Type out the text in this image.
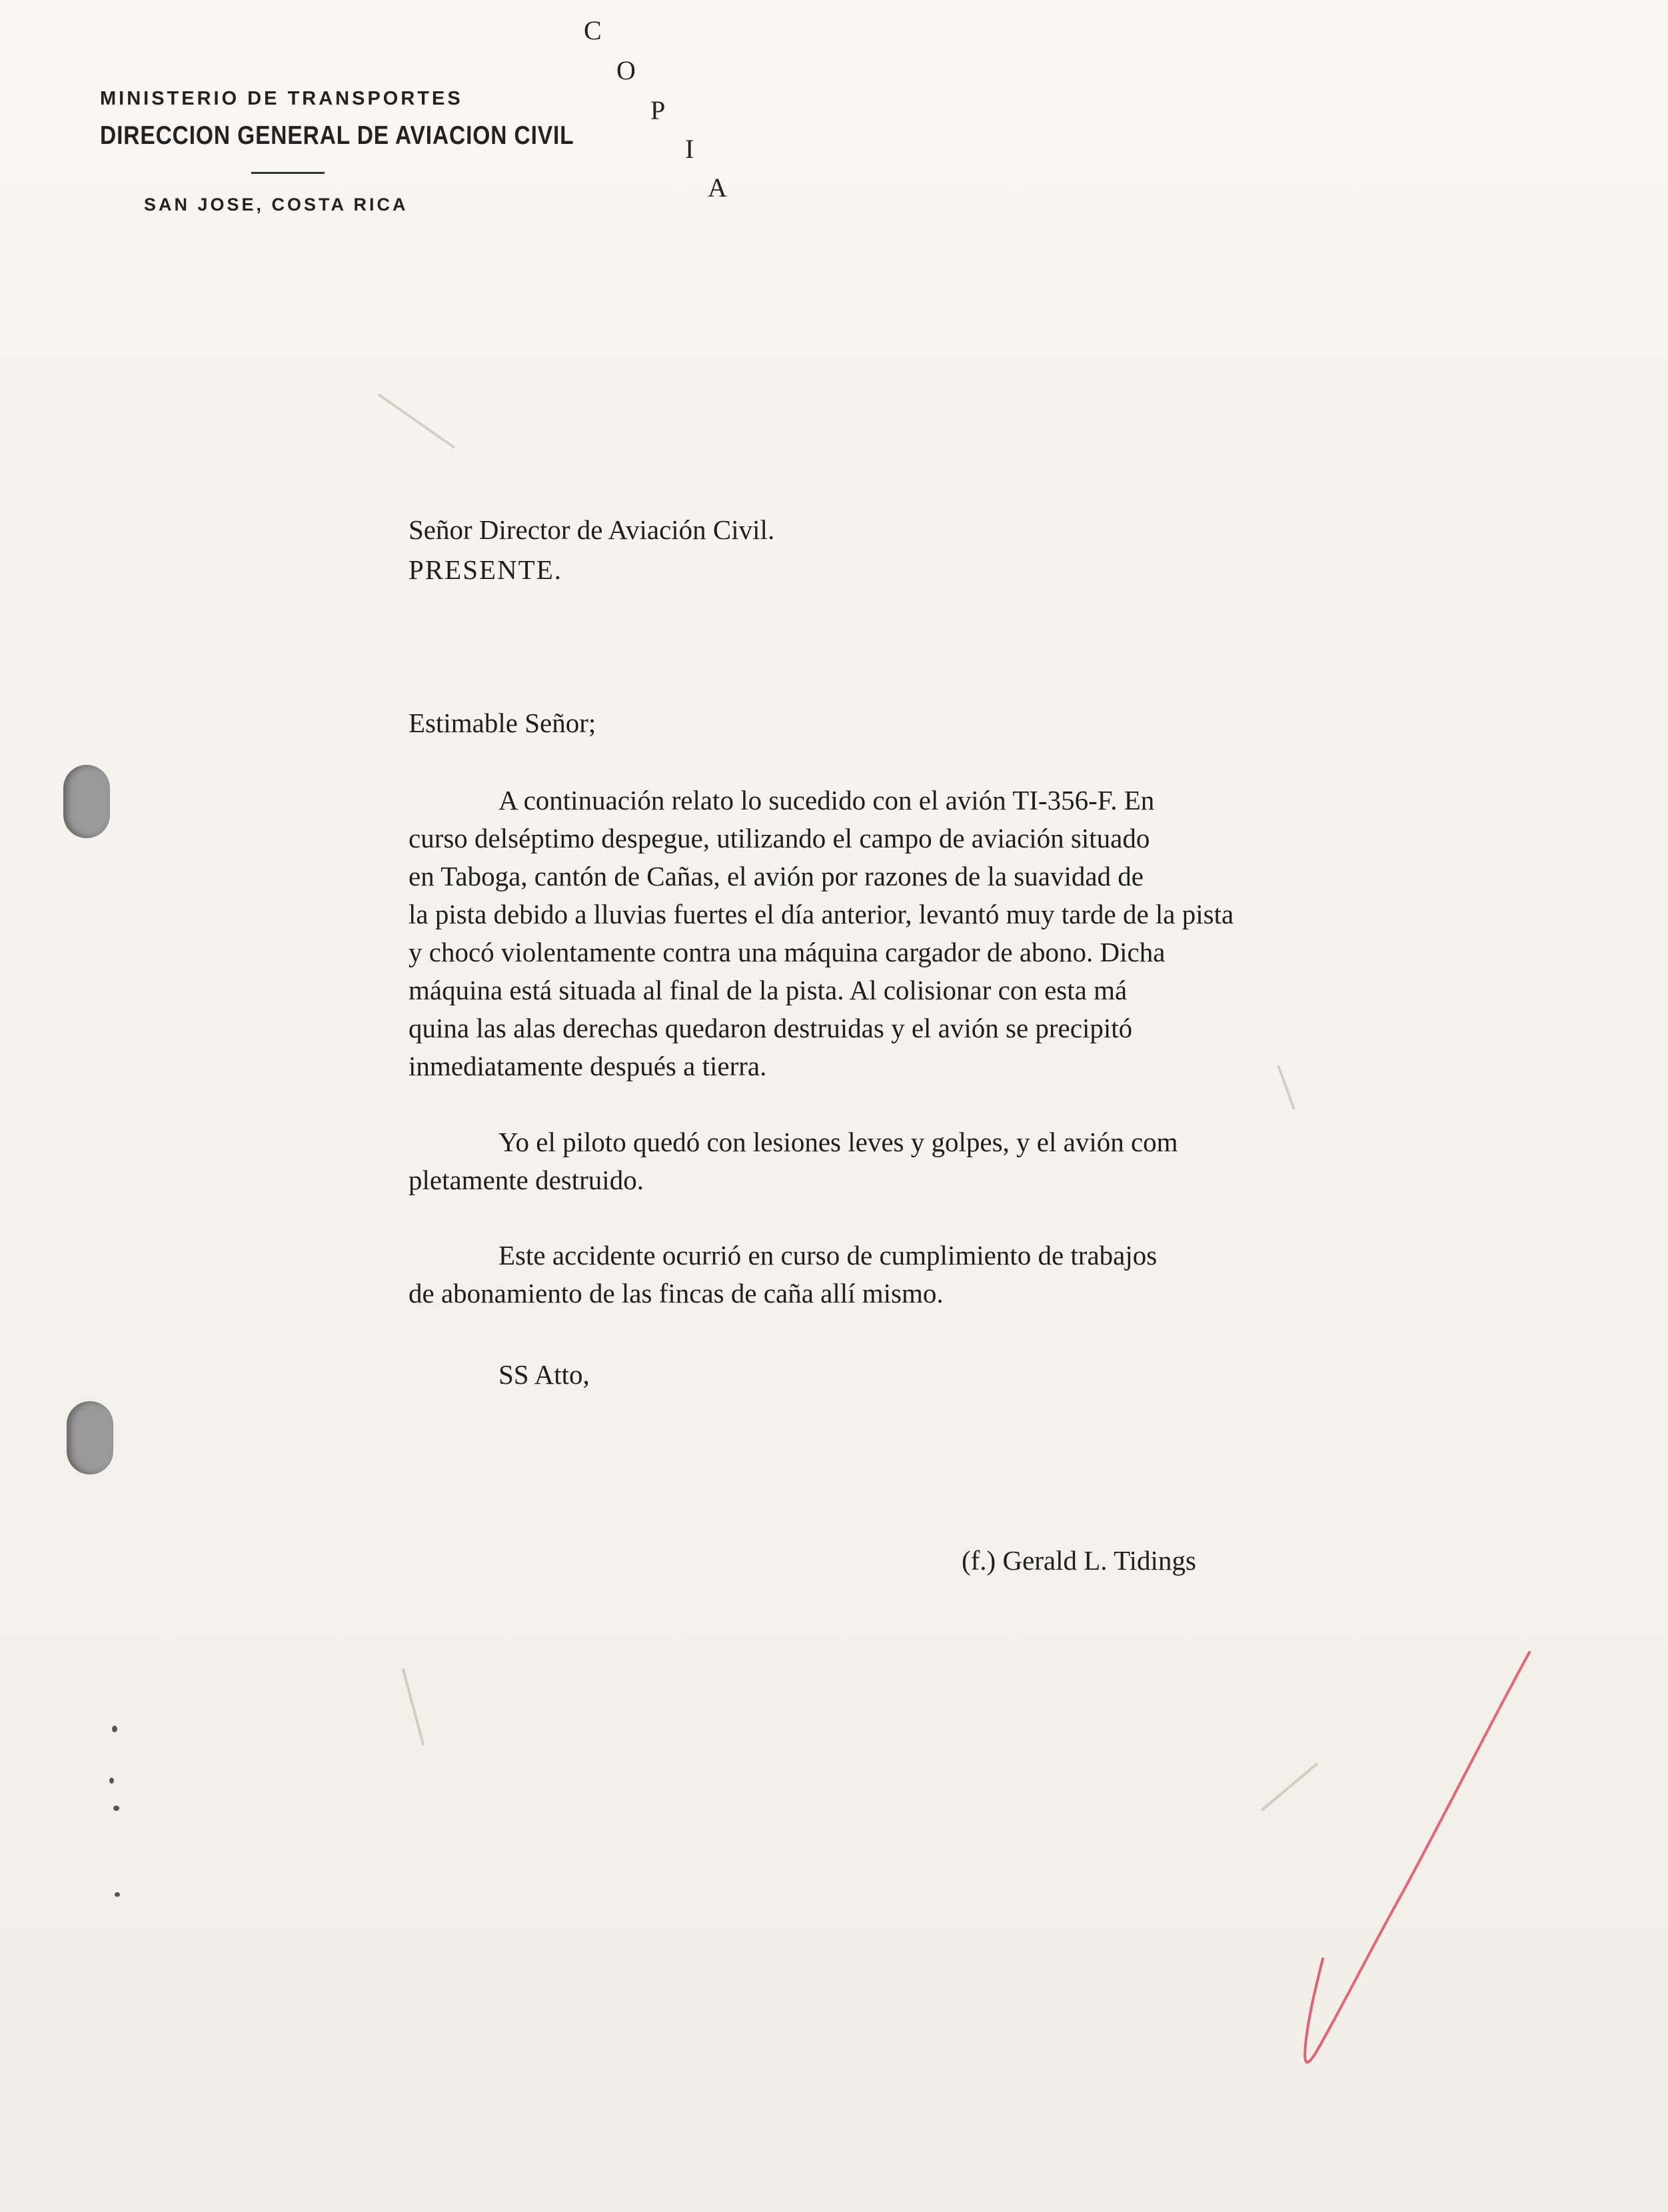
MINISTERIO DE TRANSPORTES
DIRECCION GENERAL DE AVIACION CIVIL
SAN JOSE, COSTA RICA
C
O
P
I
A
Señor Director de Aviación Civil.
PRESENTE.
Estimable Señor;
A continuación relato lo sucedido con el avión TI-356-F. En
curso delséptimo despegue, utilizando el campo de aviación situado
en Taboga, cantón de Cañas, el avión por razones de la suavidad de
la pista debido a lluvias fuertes el día anterior, levantó muy tarde de la pista
y chocó violentamente contra una máquina cargador de abono. Dicha
máquina está situada al final de la pista. Al colisionar con esta má
quina las alas derechas quedaron destruidas y el avión se precipitó
inmediatamente después a tierra.
Yo el piloto quedó con lesiones leves y golpes, y el avión com
pletamente destruido.
Este accidente ocurrió en curso de cumplimiento de trabajos
de abonamiento de las fincas de caña allí mismo.
SS Atto,
(f.) Gerald L. Tidings
